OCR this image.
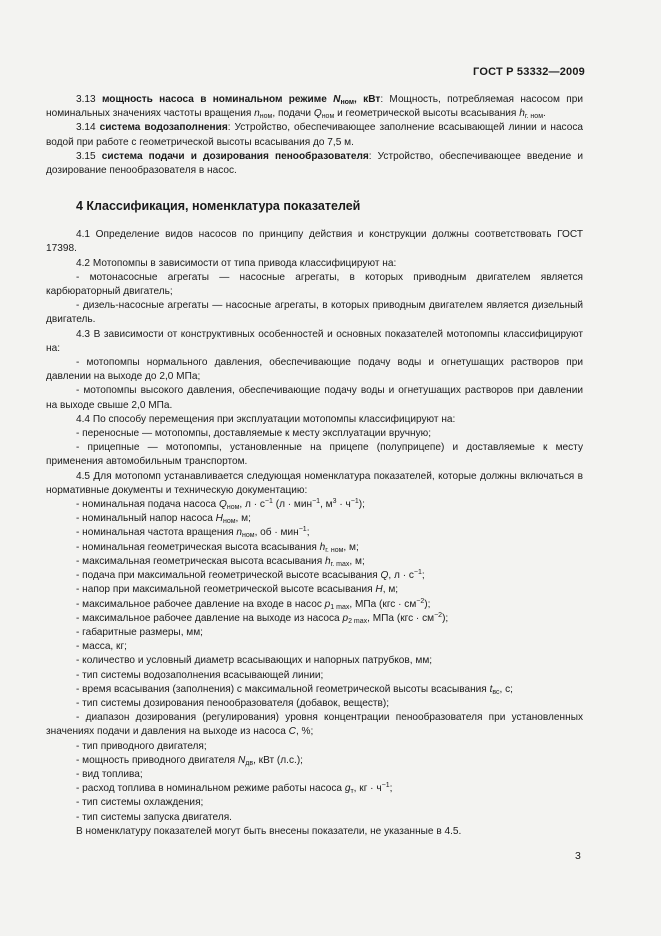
ГОСТ Р 53332—2009
3.13 мощность насоса в номинальном режиме $N_{ном}$, кВт: Мощность, потребляемая насосом при номинальных значениях частоты вращения $n_{ном}$, подачи $Q_{ном}$ и геометрической высоты всасывания $h_{г. ном}$.
3.14 система водозаполнения: Устройство, обеспечивающее заполнение всасывающей линии и насоса водой при работе с геометрической высоты всасывания до 7,5 м.
3.15 система подачи и дозирования пенообразователя: Устройство, обеспечивающее введение и дозирование пенообразователя в насос.
4 Классификация, номенклатура показателей
4.1 Определение видов насосов по принципу действия и конструкции должны соответствовать ГОСТ 17398.
4.2 Мотопомпы в зависимости от типа привода классифицируют на:
- мотонасосные агрегаты — насосные агрегаты, в которых приводным двигателем является карбюраторный двигатель;
- дизель-насосные агрегаты — насосные агрегаты, в которых приводным двигателем является дизельный двигатель.
4.3 В зависимости от конструктивных особенностей и основных показателей мотопомпы классифицируют на:
- мотопомпы нормального давления, обеспечивающие подачу воды и огнетушащих растворов при давлении на выходе до 2,0 МПа;
- мотопомпы высокого давления, обеспечивающие подачу воды и огнетушащих растворов при давлении на выходе свыше 2,0 МПа.
4.4 По способу перемещения при эксплуатации мотопомпы классифицируют на:
- переносные — мотопомпы, доставляемые к месту эксплуатации вручную;
- прицепные — мотопомпы, установленные на прицепе (полуприцепе) и доставляемые к месту применения автомобильным транспортом.
4.5 Для мотопомп устанавливается следующая номенклатура показателей, которые должны включаться в нормативные документы и техническую документацию:
- номинальная подача насоса $Q_{ном}$, $л \cdot с^{-1}$ (л · мин$^{-1}$, $м^3 \cdot ч^{-1}$);
- номинальный напор насоса $H_{ном}$, м;
- номинальная частота вращения $n_{ном}$, об · мин$^{-1}$;
- номинальная геометрическая высота всасывания $h_{г. ном}$, м;
- максимальная геометрическая высота всасывания $h_{г. max}$, м;
- подача при максимальной геометрической высоте всасывания Q, $л \cdot с^{-1}$;
- напор при максимальной геометрической высоте всасывания H, м;
- максимальное рабочее давление на входе в насос $p_{1 max}$, МПа $(кгс \cdot см^{-2})$;
- максимальное рабочее давление на выходе из насоса $p_{2 max}$, МПа $(кгс \cdot см^{-2})$;
- габаритные размеры, мм;
- масса, кг;
- количество и условный диаметр всасывающих и напорных патрубков, мм;
- тип системы водозаполнения всасывающей линии;
- время всасывания (заполнения) с максимальной геометрической высоты всасывания $t_{вс}$, с;
- тип системы дозирования пенообразователя (добавок, веществ);
- диапазон дозирования (регулирования) уровня концентрации пенообразователя при установленных значениях подачи и давления на выходе из насоса C, %;
- тип приводного двигателя;
- мощность приводного двигателя $N_{дв}$, кВт (л.с.);
- вид топлива;
- расход топлива в номинальном режиме работы насоса $g_т$, кг · $ч^{-1}$;
- тип системы охлаждения;
- тип системы запуска двигателя.
В номенклатуру показателей могут быть внесены показатели, не указанные в 4.5.
3
